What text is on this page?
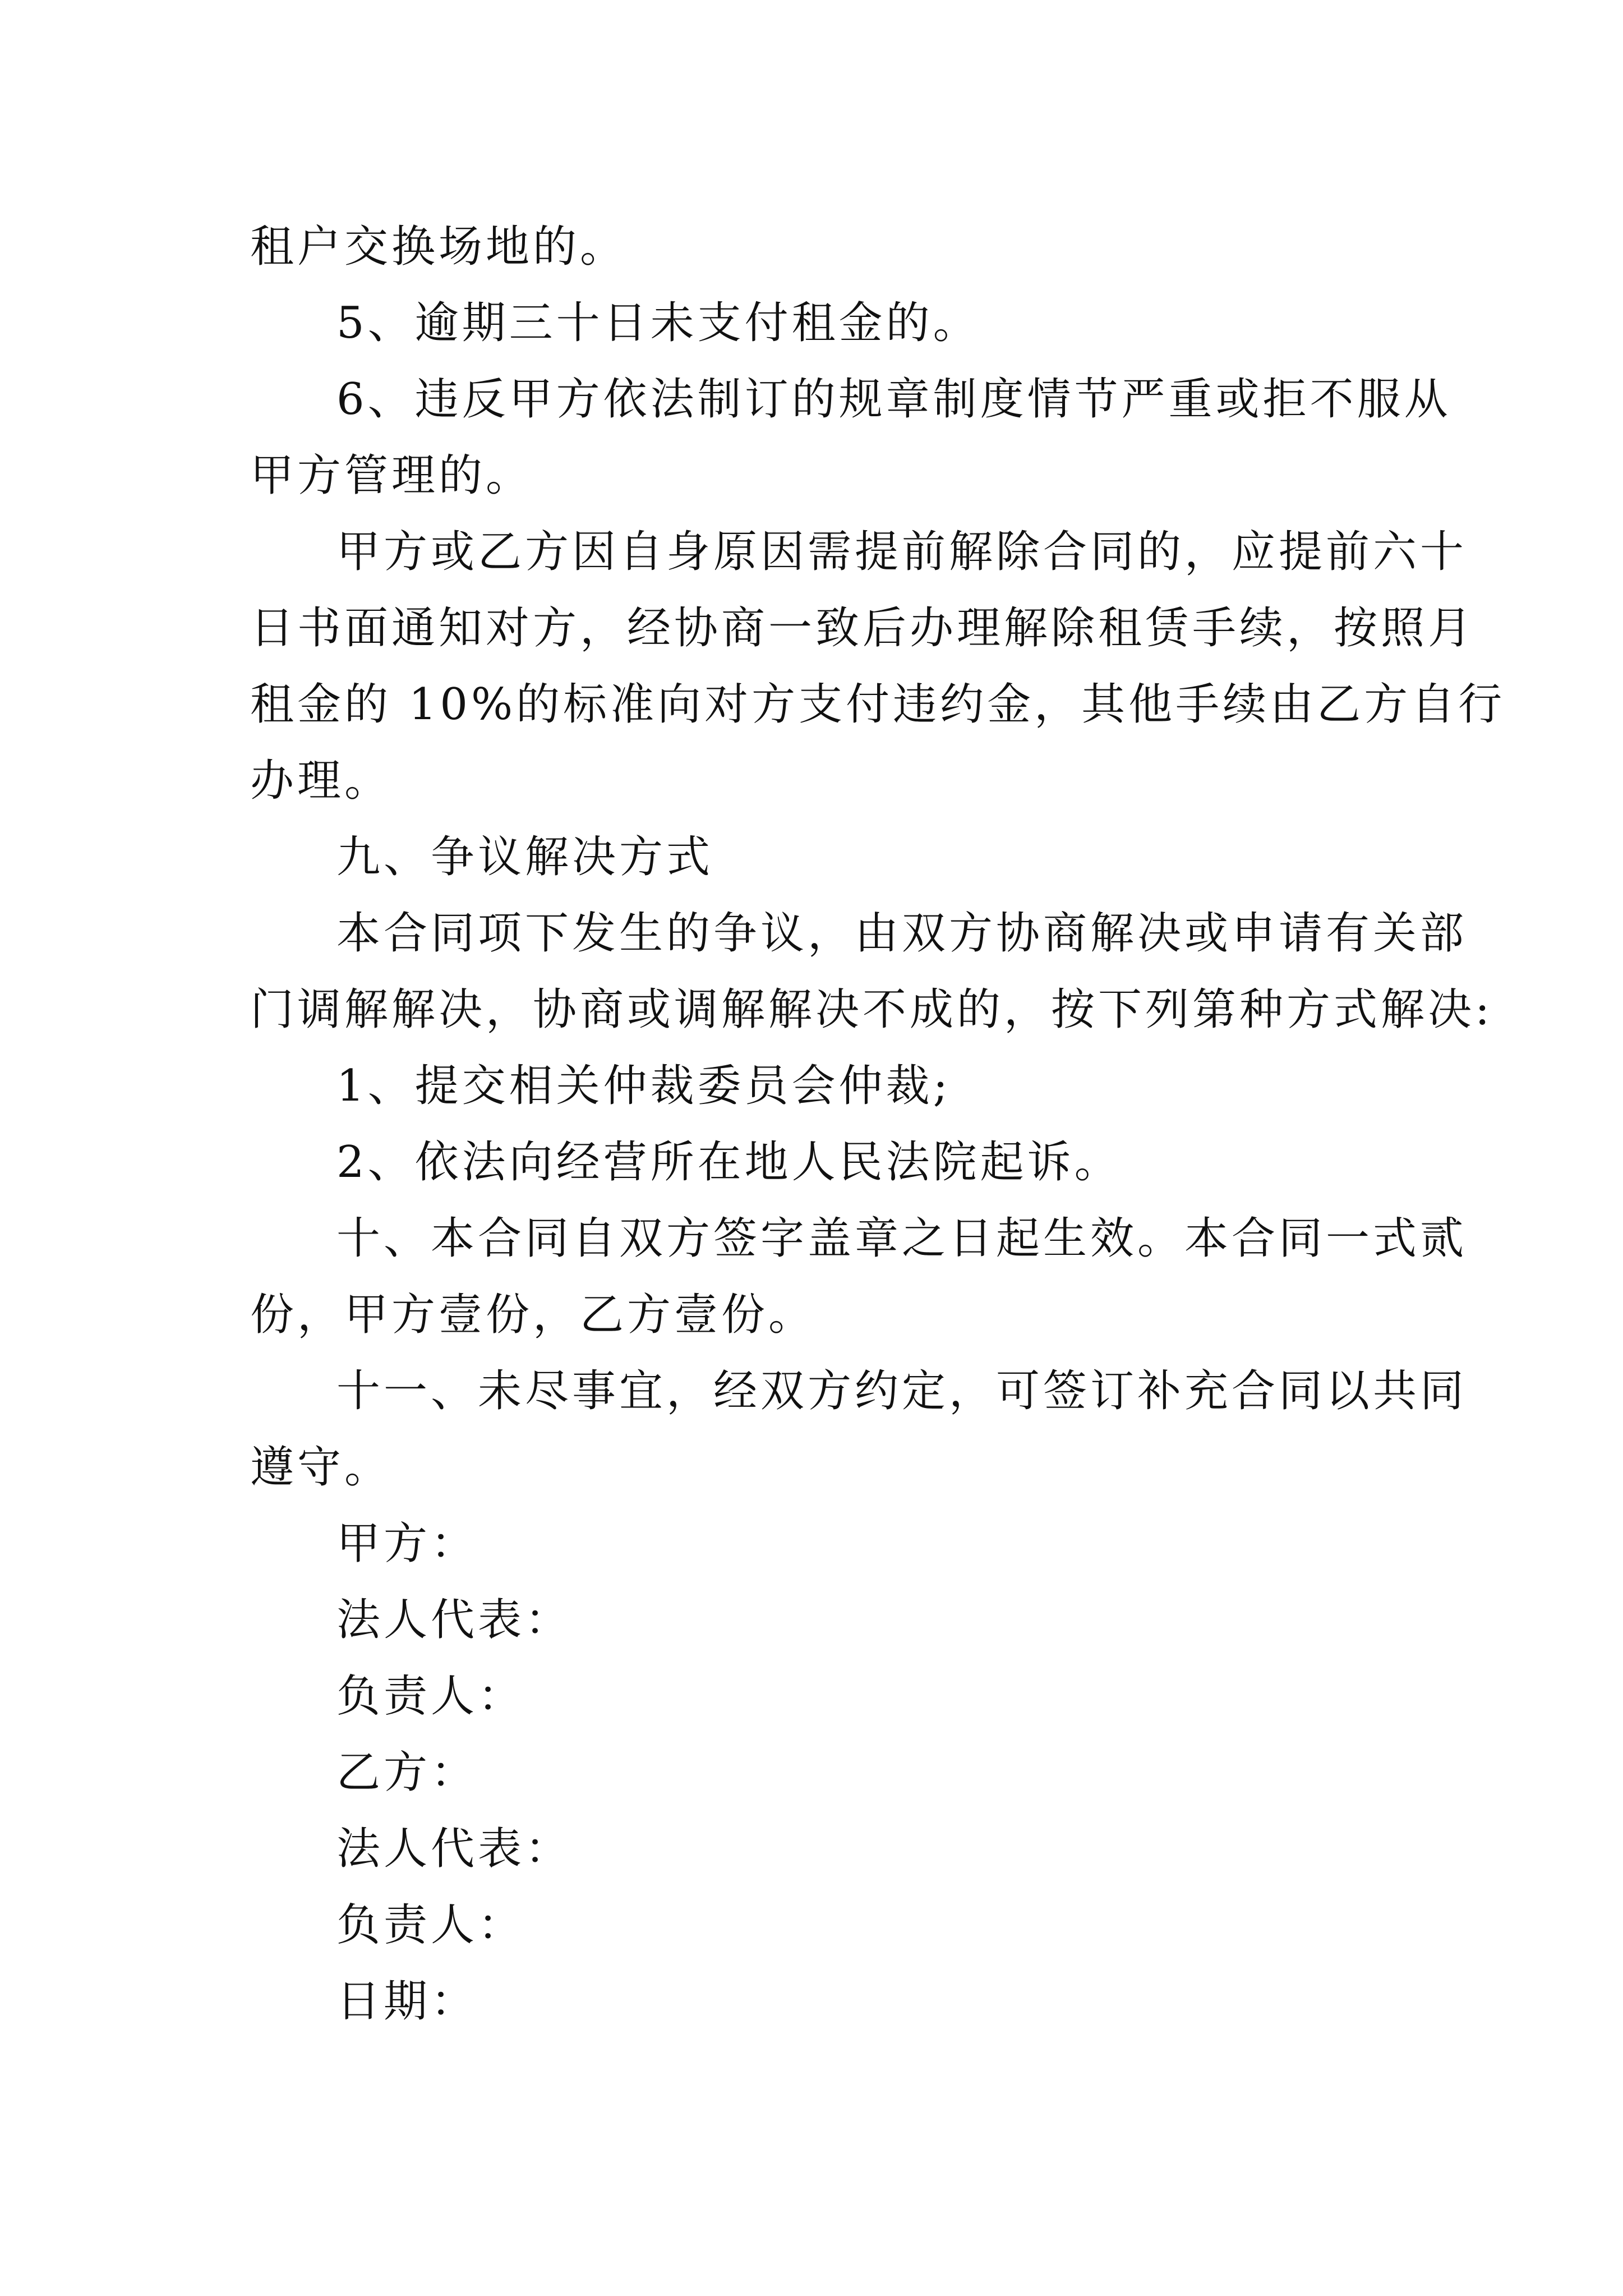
租户交换场地的。
5、逾期三十日未支付租金的。
6、违反甲方依法制订的规章制度情节严重或拒不服从
甲方管理的。
甲方或乙方因自身原因需提前解除合同的，应提前六十
日书面通知对方，经协商一致后办理解除租赁手续，按照月
租金的 10%的标准向对方支付违约金，其他手续由乙方自行
办理。
九、争议解决方式
本合同项下发生的争议，由双方协商解决或申请有关部
门调解解决，协商或调解解决不成的，按下列第种方式解决:
1、提交相关仲裁委员会仲裁;
2、依法向经营所在地人民法院起诉。
十、本合同自双方签字盖章之日起生效。本合同一式贰
份，甲方壹份，乙方壹份。
十一、未尽事宜，经双方约定，可签订补充合同以共同
遵守。
甲方：
法人代表：
负责人：
乙方：
法人代表：
负责人：
日期：
